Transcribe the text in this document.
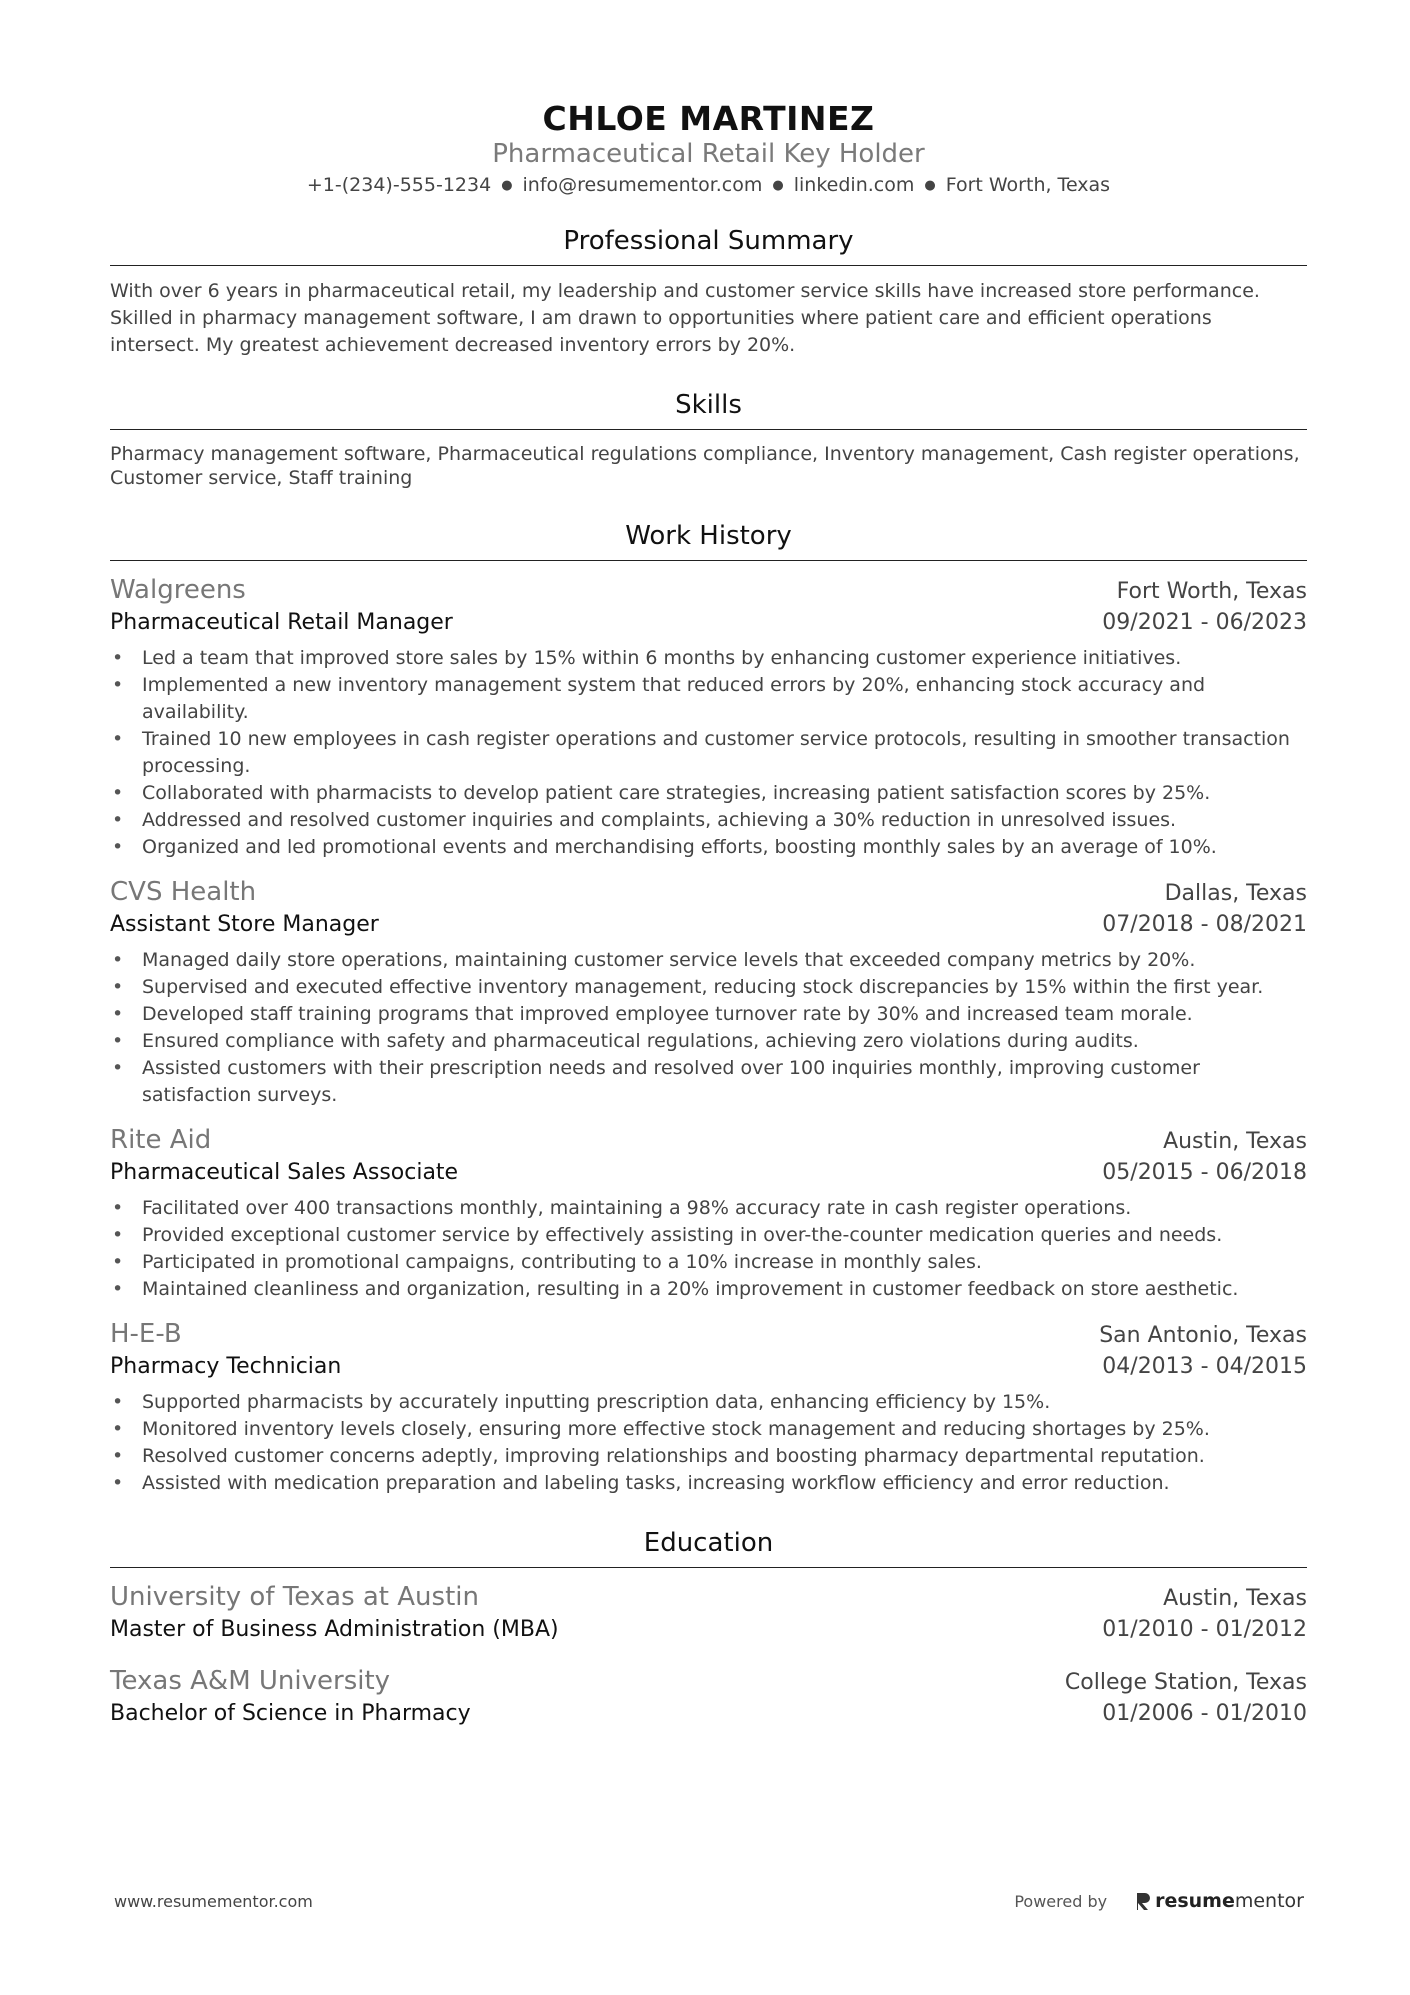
CHLOE MARTINEZ
Pharmaceutical Retail Key Holder
+1-(234)-555-1234 ● info@resumementor.com ● linkedin.com ● Fort Worth, Texas
Professional Summary
With over 6 years in pharmaceutical retail, my leadership and customer service skills have increased store performance. Skilled in pharmacy management software, I am drawn to opportunities where patient care and efficient operations intersect. My greatest achievement decreased inventory errors by 20%.
Skills
Pharmacy management software, Pharmaceutical regulations compliance, Inventory management, Cash register operations, Customer service, Staff training
Work History
Walgreens	Fort Worth, Texas
Pharmaceutical Retail Manager	09/2021 - 06/2023
• Led a team that improved store sales by 15% within 6 months by enhancing customer experience initiatives.
• Implemented a new inventory management system that reduced errors by 20%, enhancing stock accuracy and availability.
• Trained 10 new employees in cash register operations and customer service protocols, resulting in smoother transaction processing.
• Collaborated with pharmacists to develop patient care strategies, increasing patient satisfaction scores by 25%.
• Addressed and resolved customer inquiries and complaints, achieving a 30% reduction in unresolved issues.
• Organized and led promotional events and merchandising efforts, boosting monthly sales by an average of 10%.
CVS Health	Dallas, Texas
Assistant Store Manager	07/2018 - 08/2021
• Managed daily store operations, maintaining customer service levels that exceeded company metrics by 20%.
• Supervised and executed effective inventory management, reducing stock discrepancies by 15% within the first year.
• Developed staff training programs that improved employee turnover rate by 30% and increased team morale.
• Ensured compliance with safety and pharmaceutical regulations, achieving zero violations during audits.
• Assisted customers with their prescription needs and resolved over 100 inquiries monthly, improving customer satisfaction surveys.
Rite Aid	Austin, Texas
Pharmaceutical Sales Associate	05/2015 - 06/2018
• Facilitated over 400 transactions monthly, maintaining a 98% accuracy rate in cash register operations.
• Provided exceptional customer service by effectively assisting in over-the-counter medication queries and needs.
• Participated in promotional campaigns, contributing to a 10% increase in monthly sales.
• Maintained cleanliness and organization, resulting in a 20% improvement in customer feedback on store aesthetic.
H-E-B	San Antonio, Texas
Pharmacy Technician	04/2013 - 04/2015
• Supported pharmacists by accurately inputting prescription data, enhancing efficiency by 15%.
• Monitored inventory levels closely, ensuring more effective stock management and reducing shortages by 25%.
• Resolved customer concerns adeptly, improving relationships and boosting pharmacy departmental reputation.
• Assisted with medication preparation and labeling tasks, increasing workflow efficiency and error reduction.
Education
University of Texas at Austin	Austin, Texas
Master of Business Administration (MBA)	01/2010 - 01/2012
Texas A&M University	College Station, Texas
Bachelor of Science in Pharmacy	01/2006 - 01/2010
www.resumementor.com	Powered by	resumementor
